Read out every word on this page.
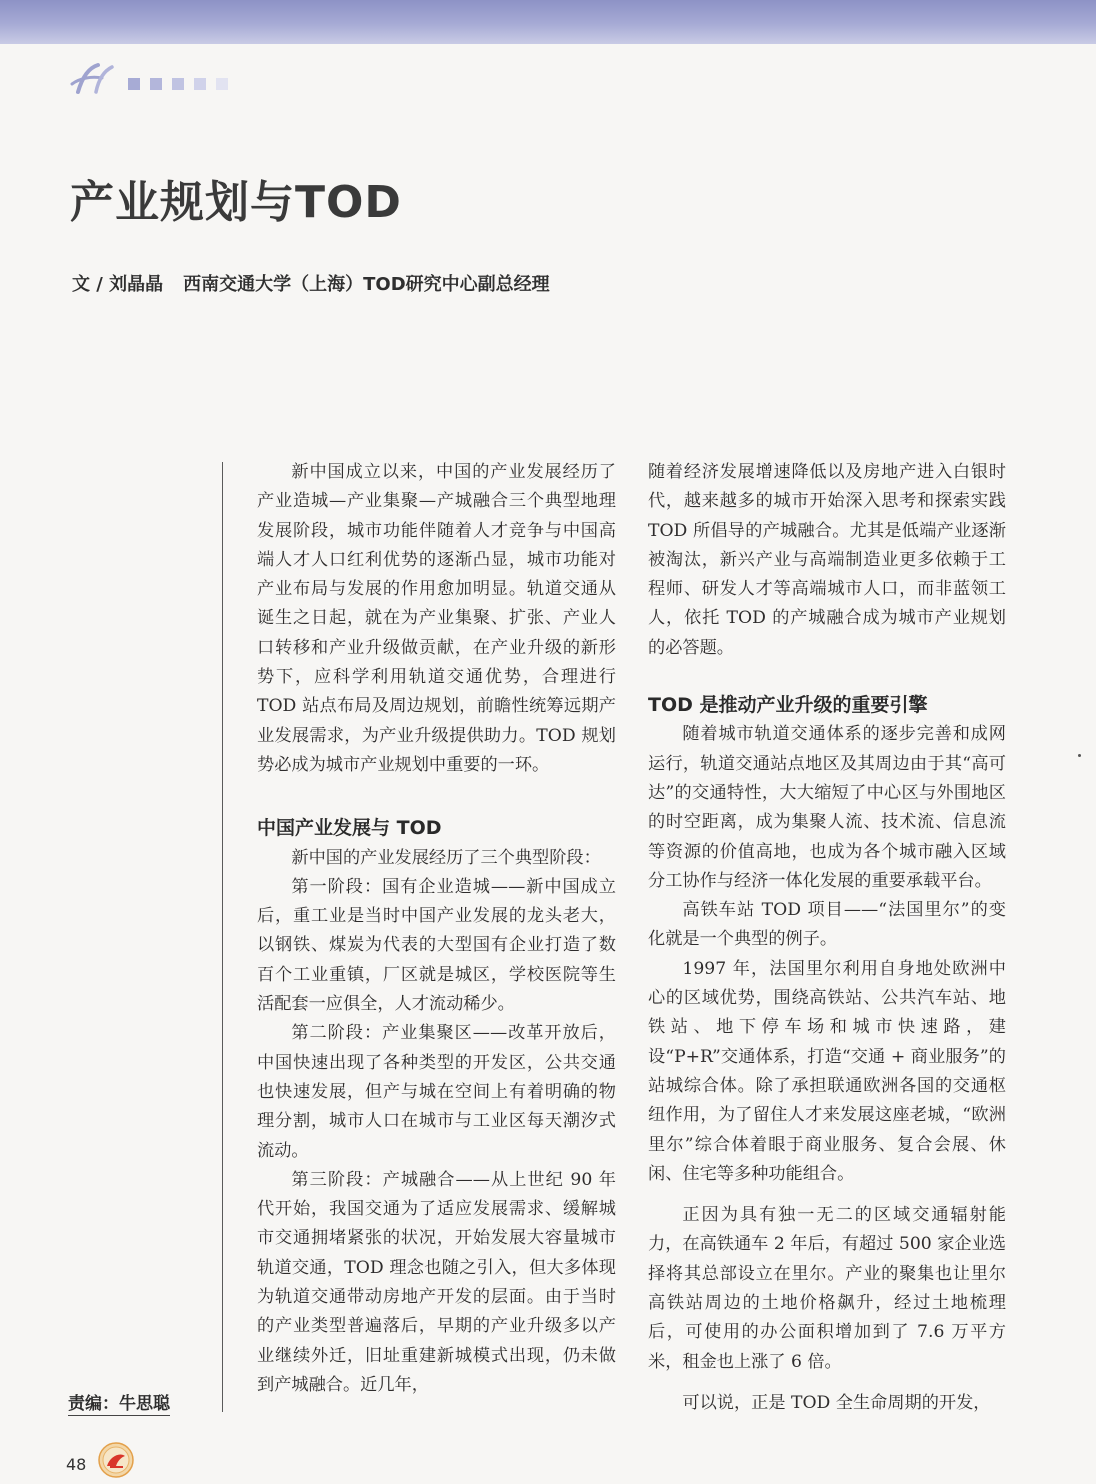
产业规划与TOD

文 / 刘晶晶 西南交通大学（上海）TOD研究中心副总经理

新中国成立以来，中国的产业发展经历了产业造城—产业集聚—产城融合三个典型地理发展阶段，城市功能伴随着人才竞争与中国高端人才人口红利优势的逐渐凸显，城市功能对产业布局与发展的作用愈加明显。轨道交通从诞生之日起，就在为产业集聚、扩张、产业人口转移和产业升级做贡献，在产业升级的新形势下，应科学利用轨道交通优势，合理进行 TOD 站点布局及周边规划，前瞻性统筹远期产业发展需求，为产业升级提供助力。TOD 规划势必成为城市产业规划中重要的一环。

中国产业发展与 TOD

新中国的产业发展经历了三个典型阶段：

第一阶段：国有企业造城——新中国成立后，重工业是当时中国产业发展的龙头老大，以钢铁、煤炭为代表的大型国有企业打造了数百个工业重镇，厂区就是城区，学校医院等生活配套一应俱全，人才流动稀少。

第二阶段：产业集聚区——改革开放后，中国快速出现了各种类型的开发区，公共交通也快速发展，但产与城在空间上有着明确的物理分割，城市人口在城市与工业区每天潮汐式流动。

第三阶段：产城融合——从上世纪 90 年代开始，我国交通为了适应发展需求、缓解城市交通拥堵紧张的状况，开始发展大容量城市轨道交通，TOD 理念也随之引入，但大多体现为轨道交通带动房地产开发的层面。由于当时的产业类型普遍落后，早期的产业升级多以产业继续外迁，旧址重建新城模式出现，仍未做到产城融合。近几年，

随着经济发展增速降低以及房地产进入白银时代，越来越多的城市开始深入思考和探索实践 TOD 所倡导的产城融合。尤其是低端产业逐渐被淘汰，新兴产业与高端制造业更多依赖于工程师、研发人才等高端城市人口，而非蓝领工人，依托 TOD 的产城融合成为城市产业规划的必答题。

TOD 是推动产业升级的重要引擎

随着城市轨道交通体系的逐步完善和成网运行，轨道交通站点地区及其周边由于其“高可达”的交通特性，大大缩短了中心区与外围地区的时空距离，成为集聚人流、技术流、信息流等资源的价值高地，也成为各个城市融入区域分工协作与经济一体化发展的重要承载平台。

高铁车站 TOD 项目——“法国里尔”的变化就是一个典型的例子。

1997 年，法国里尔利用自身地处欧洲中心的区域优势，围绕高铁站、公共汽车站、地铁站、地下停车场和城市快速路，建设“P+R”交通体系，打造“交通 + 商业服务”的站城综合体。除了承担联通欧洲各国的交通枢纽作用，为了留住人才来发展这座老城，“欧洲里尔”综合体着眼于商业服务、复合会展、休闲、住宅等多种功能组合。

正因为具有独一无二的区域交通辐射能力，在高铁通车 2 年后，有超过 500 家企业选择将其总部设立在里尔。产业的聚集也让里尔高铁站周边的土地价格飙升，经过土地梳理后，可使用的办公面积增加到了 7.6 万平方米，租金也上涨了 6 倍。

可以说，正是 TOD 全生命周期的开发，

责编：牛思聪

48
